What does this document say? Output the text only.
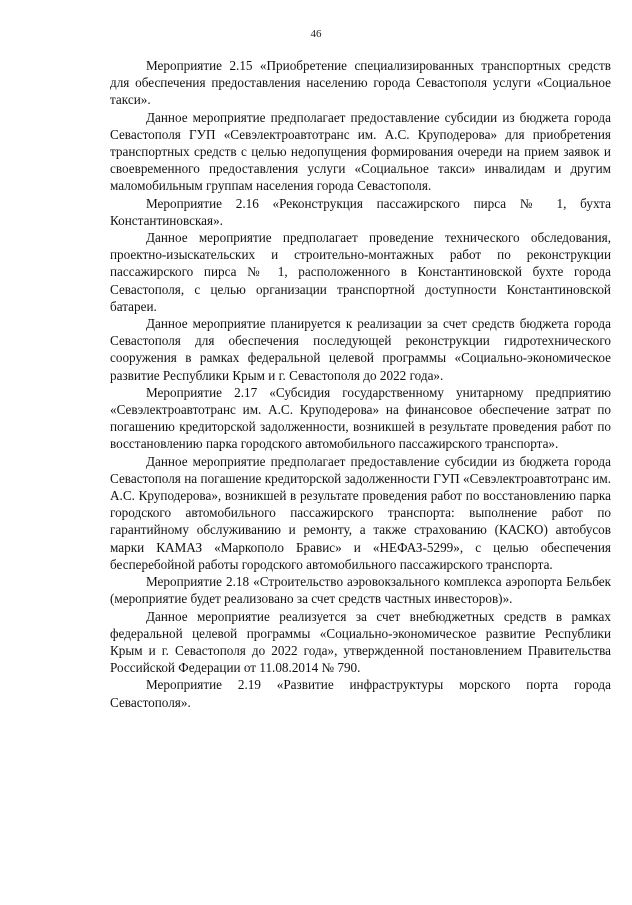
46

Мероприятие 2.15 «Приобретение специализированных транспортных средств для обеспечения предоставления населению города Севастополя услуги «Социальное такси».

Данное мероприятие предполагает предоставление субсидии из бюджета города Севастополя ГУП «Севэлектроавтотранс им. А.С. Круподерова» для приобретения транспортных средств с целью недопущения формирования очереди на прием заявок и своевременного предоставления услуги «Социальное такси» инвалидам и другим маломобильным группам населения города Севастополя.

Мероприятие 2.16 «Реконструкция пассажирского пирса № 1, бухта Константиновская».

Данное мероприятие предполагает проведение технического обследования, проектно-изыскательских и строительно-монтажных работ по реконструкции пассажирского пирса № 1, расположенного в Константиновской бухте города Севастополя, с целью организации транспортной доступности Константиновской батареи.

Данное мероприятие планируется к реализации за счет средств бюджета города Севастополя для обеспечения последующей реконструкции гидротехнического сооружения в рамках федеральной целевой программы «Социально-экономическое развитие Республики Крым и г. Севастополя до 2022 года».

Мероприятие 2.17 «Субсидия государственному унитарному предприятию «Севэлектроавтотранс им. А.С. Круподерова» на финансовое обеспечение затрат по погашению кредиторской задолженности, возникшей в результате проведения работ по восстановлению парка городского автомобильного пассажирского транспорта».

Данное мероприятие предполагает предоставление субсидии из бюджета города Севастополя на погашение кредиторской задолженности ГУП «Севэлектроавтотранс им. А.С. Круподерова», возникшей в результате проведения работ по восстановлению парка городского автомобильного пассажирского транспорта: выполнение работ по гарантийному обслуживанию и ремонту, а также страхованию (КАСКО) автобусов марки КАМАЗ «Маркополо Бравис» и «НЕФАЗ-5299», с целью обеспечения бесперебойной работы городского автомобильного пассажирского транспорта.

Мероприятие 2.18 «Строительство аэровокзального комплекса аэропорта Бельбек (мероприятие будет реализовано за счет средств частных инвесторов)».

Данное мероприятие реализуется за счет внебюджетных средств в рамках федеральной целевой программы «Социально-экономическое развитие Республики Крым и г. Севастополя до 2022 года», утвержденной постановлением Правительства Российской Федерации от 11.08.2014 № 790.

Мероприятие 2.19 «Развитие инфраструктуры морского порта города Севастополя».
